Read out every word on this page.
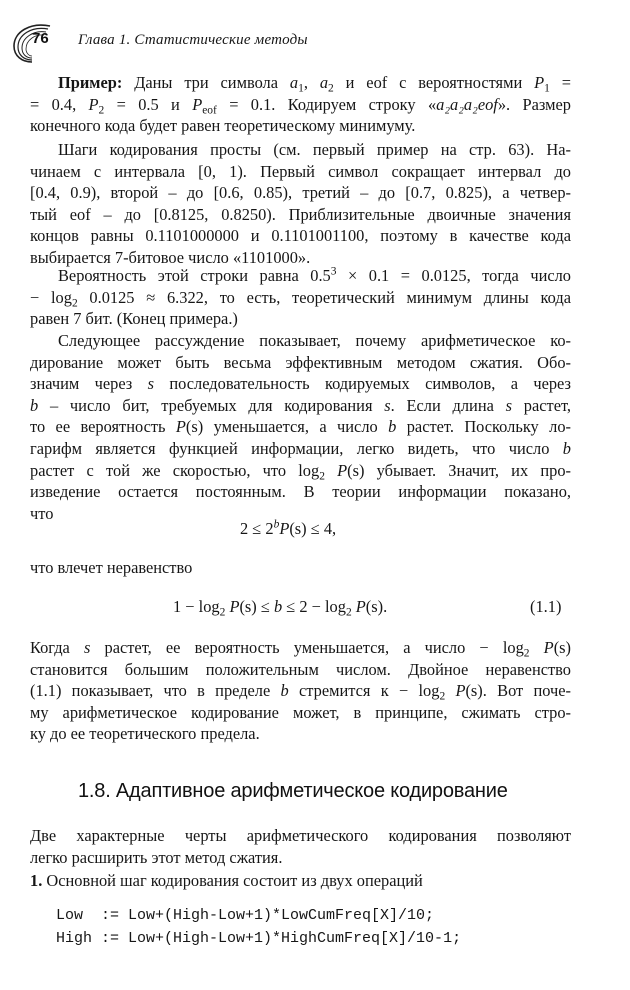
76 Глава 1. Статистические методы
Пример: Даны три символа $a_1$, $a_2$ и eof с вероятностями $P_1$ =
= 0.4, $P_2 = 0.5$ и $P_{eof} = 0.1$. Кодируем строку «a₂a₂a₂eof». Размер
конечного кода будет равен теоретическому минимуму.
Шаги кодирования просты (см. первый пример на стр. 63). На-
чинаем с интервала [0, 1). Первый символ сокращает интервал до
[0.4, 0.9), второй – до [0.6, 0.85), третий – до [0.7, 0.825), а четвер-
тый eof – до [0.8125, 0.8250). Приблизительные двоичные значения
концов равны 0.1101000000 и 0.1101001100, поэтому в качестве кода
выбирается 7-битовое число «1101000».
Вероятность этой строки равна $0.5^3 \times 0.1 = 0.0125$, тогда число
− $\log_2 0.0125 \approx 6.322$, то есть, теоретический минимум длины кода
равен 7 бит. (Конец примера.)
Следующее рассуждение показывает, почему арифметическое ко-
дирование может быть весьма эффективным методом сжатия. Обо-
значим через s последовательность кодируемых символов, а через
b – число бит, требуемых для кодирования s. Если длина s растет,
то ее вероятность P(s) уменьшается, а число b растет. Поскольку ло-
гарифм является функцией информации, легко видеть, что число b
растет с той же скоростью, что $\log_2 P(s)$ убывает. Значит, их про-
изведение остается постоянным. В теории информации показано,
что
$2 \le 2^bP(s) \le 4$,
что влечет неравенство
$1 - \log_2 P(s) \le b \le 2 - \log_2 P(s)$.	(1.1)
Когда s растет, ее вероятность уменьшается, а число − $\log_2 P(s)$
становится большим положительным числом. Двойное неравенство
(1.1) показывает, что в пределе b стремится $к - \log_2 P(s)$. Вот поче-
му арифметическое кодирование может, в принципе, сжимать стро-
ку до ее теоретического предела.
1.8. Адаптивное арифметическое кодирование
Две характерные черты арифметического кодирования позволяют
легко расширить этот метод сжатия.
1. Основной шаг кодирования состоит из двух операций
Low  := Low+(High-Low+1)*LowCumFreq[X]/10;
High := Low+(High-Low+1)*HighCumFreq[X]/10-1;
